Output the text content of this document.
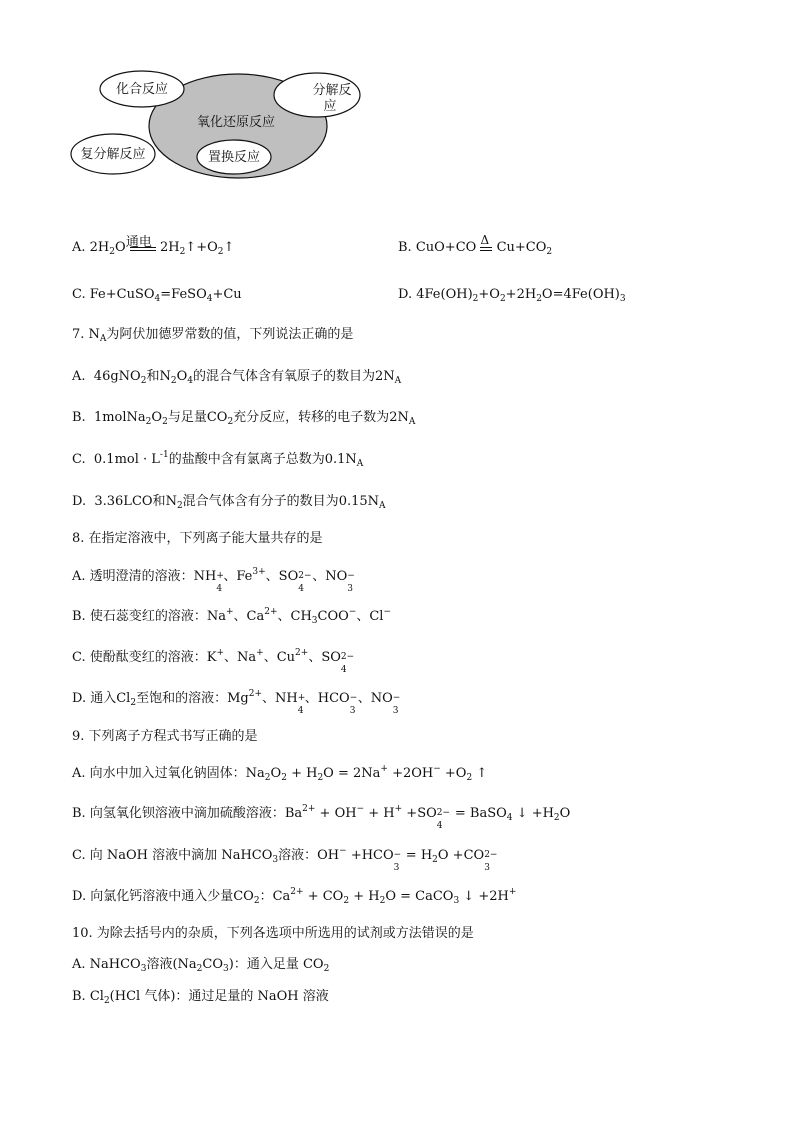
化合反应	分解反
应
氧化还原反应
复分解反应	置换反应
A. $2H_2O$ 通电 $2H_2↑+O_2↑$	B. CuO+CO Δ $Cu+CO_2$
C. Fe+CuSO$_4$=FeSO$_4$+Cu	D. $4Fe(OH)_2+O_2+2H_2O=4Fe(OH)_3$
7. $N_A$为阿伏加德罗常数的值，下列说法正确的是
A. 46gNO$_2$和$N_2O_4$的混合气体含有氧原子的数目为$2N_A$
B. $1molNa_2O_2$与足量$CO_2$充分反应，转移的电子数为$2N_A$
C. $0.1mol \cdot L^{-1}$的盐酸中含有氯离子总数为$0.1N_A$
D. 3.36LCO和$N_2$混合气体含有分子的数目为$0.15N_A$
8. 在指定溶液中，下列离子能大量共存的是
A. 透明澄清的溶液：NH +
4
、$Fe^{3+}$、SO 2−
4
、NO −
3
B. 使石蕊变红的溶液：Na+、$Ca^{2+}$、$CH_3COO^-$、Cl−
C. 使酚酞变红的溶液：K+、Na+、$Cu^{2+}$、SO 2−
4
D. 通入$Cl_2$至饱和的溶液：$Mg^{2+}$、NH +
4
、HCO −
3
、NO −
3
9. 下列离子方程式书写正确的是
A. 向水中加入过氧化钠固体：$Na_2O_2 + H_2O = 2Na^+ +2OH^- +O_2$ ↑
B. 向氢氧化钡溶液中滴加硫酸溶液：$Ba^{2+} + OH^- + H^+ +SO$ 2−
4
= BaSO$_4$ ↓ $+H_2O$
C. 向 NaOH 溶液中滴加 NaHCO$_3$溶液：OH− +HCO −
3
= $H_2O +CO$ 2−
3
D. 向氯化钙溶液中通入少量$CO_2$：$Ca^{2+} + CO_2 + H_2O$ = CaCO$_3$ ↓ +2H+
10. 为除去括号内的杂质，下列各选项中所选用的试剂或方法错误的是
A. NaHCO$_3$溶液$(Na_2CO_3)$：通入足量 $CO_2$
B. $Cl_2(HCl$ 气体)：通过足量的 NaOH 溶液
